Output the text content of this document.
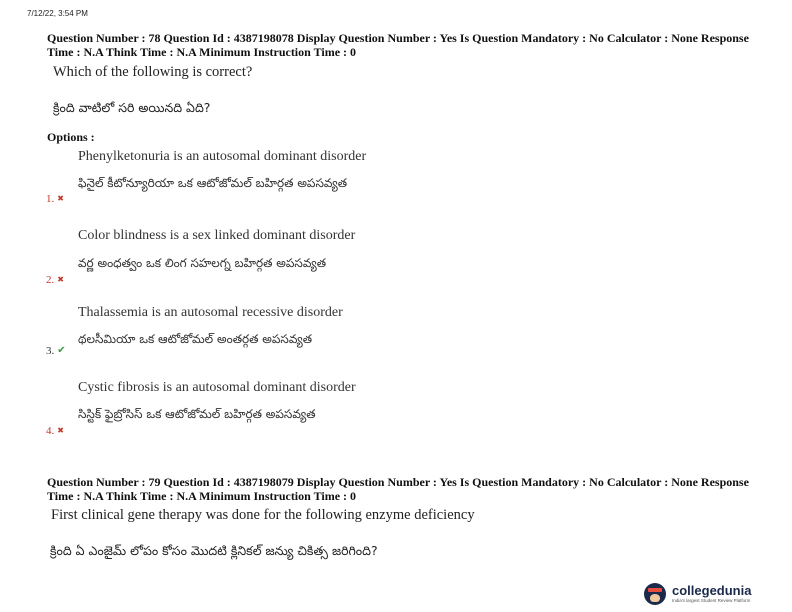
7/12/22, 3:54 PM
Question Number : 78 Question Id : 4387198078 Display Question Number : Yes Is Question Mandatory : No Calculator : None Response
Time : N.A Think Time : N.A Minimum Instruction Time : 0
Which of the following is correct?
క్రింది వాటిలో సరి అయినది ఏది?
Options :
Phenylketonuria is an autosomal dominant disorder
ఫినైల్ కీటోన్యూరియా ఒక ఆటోజోమల్ బహిర్గత అపసవ్యత
1. ✖
Color blindness is a sex linked dominant disorder
వర్ణ అంధత్వం ఒక లింగ సహలగ్న బహిర్గత అపసవ్యత
2. ✖
Thalassemia is an autosomal recessive disorder
థలసీమియా ఒక ఆటోజోమల్ అంతర్గత అపసవ్యత
3. ✔
Cystic fibrosis is an autosomal dominant disorder
సిస్టిక్ ఫైబ్రోసిస్ ఒక ఆటోజోమల్ బహిర్గత అపసవ్యత
4. ✖
Question Number : 79 Question Id : 4387198079 Display Question Number : Yes Is Question Mandatory : No Calculator : None Response
Time : N.A Think Time : N.A Minimum Instruction Time : 0
First clinical gene therapy was done for the following enzyme deficiency
క్రింది ఏ ఎంజైమ్ లోపం కోసం మొదటి క్లినికల్ జన్యు చికిత్స జరిగింది?
collegedunia
India's largest Student Review Platform
